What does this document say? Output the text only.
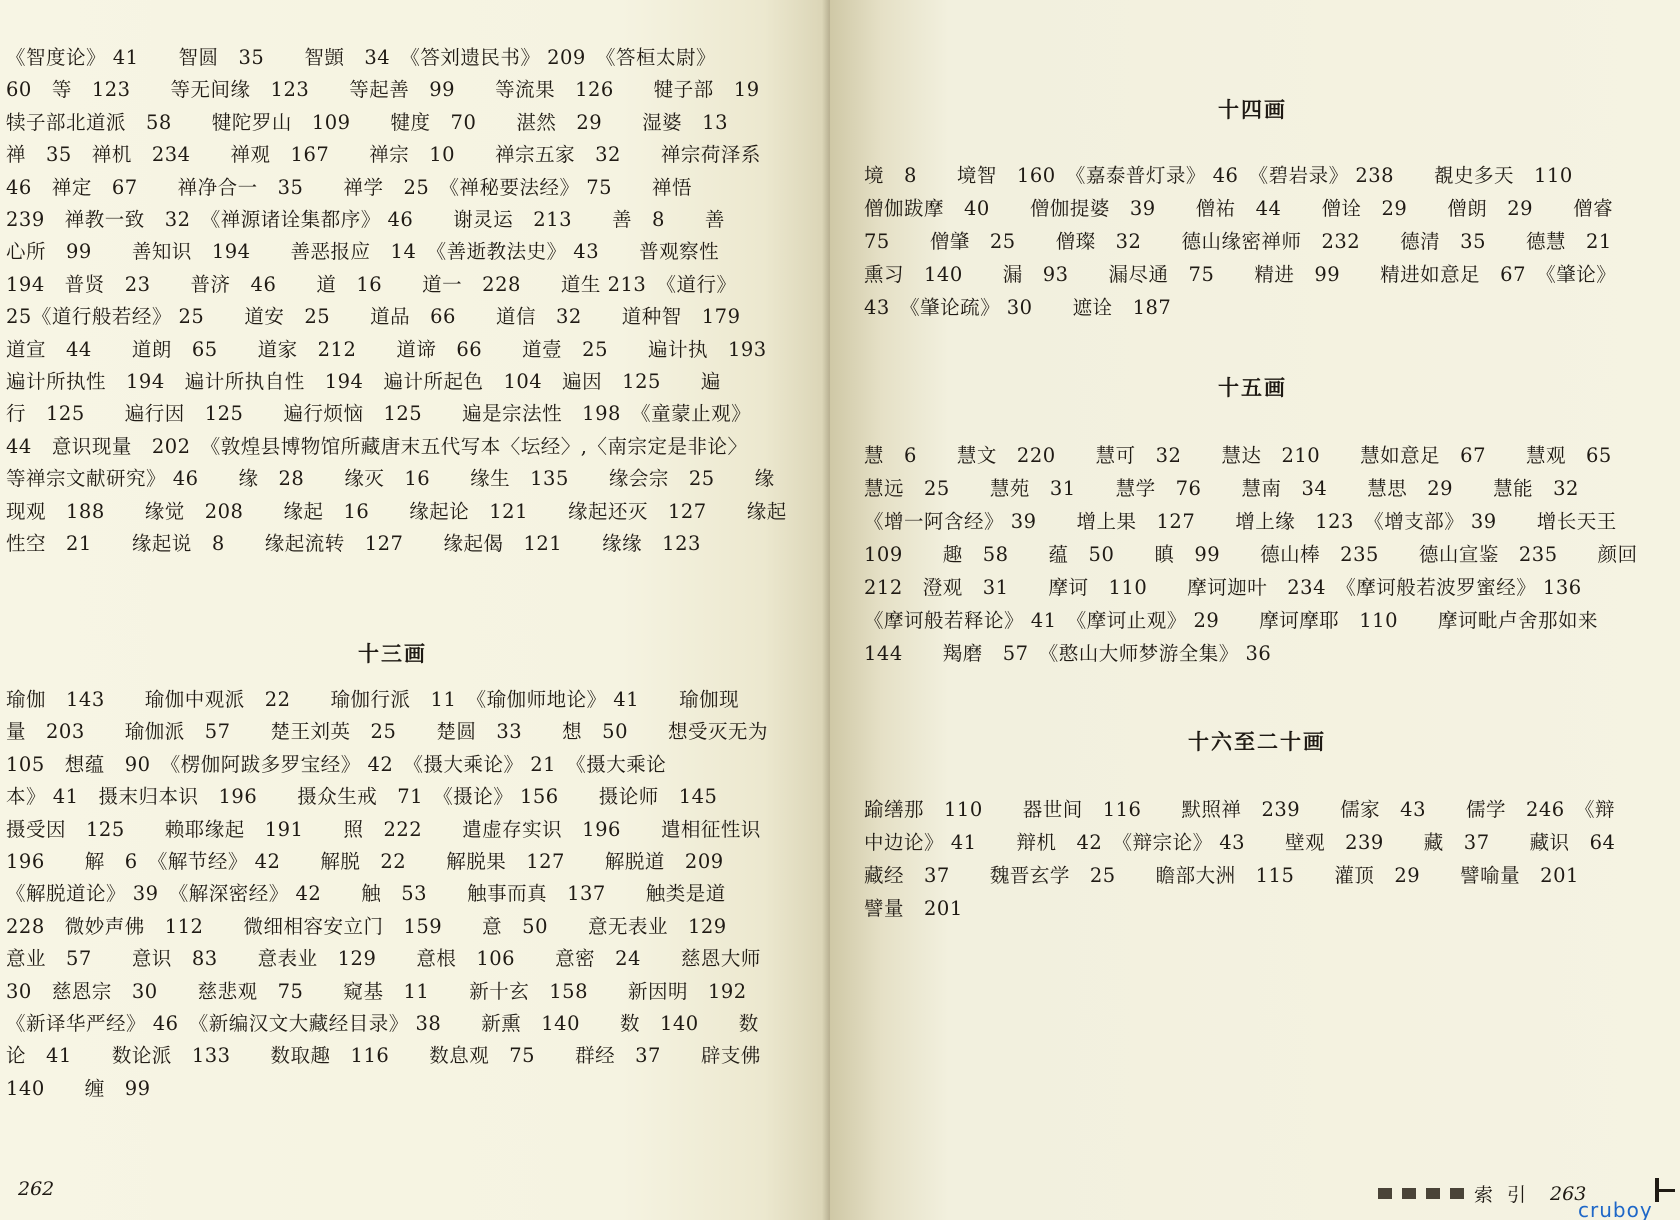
《智度论》 41　　智圆　35　　智顗　34　《答刘遗民书》 209　《答桓太尉》
60　等　123　　等无间缘　123　　等起善　99　　等流果　126　　犍子部　19
犊子部北道派　58　　犍陀罗山　109　　犍度　70　　湛然　29　　湿婆　13
禅　35　禅机　234　　禅观　167　　禅宗　10　　禅宗五家　32　　禅宗荷泽系
46　禅定　67　　禅净合一　35　　禅学　25　《禅秘要法经》 75　　禅悟
239　禅教一致　32　《禅源诸诠集都序》 46　　谢灵运　213　　善　8　　善
心所　99　　善知识　194　　善恶报应　14　《善逝教法史》 43　　普观察性
194　普贤　23　　普济　46　　道　16　　道一　228　　道生 213　《道行》
25《道行般若经》 25　　道安　25　　道品　66　　道信　32　　道种智　179
道宣　44　　道朗　65　　道家　212　　道谛　66　　道壹　25　　遍计执　193
遍计所执性　194　遍计所执自性　194　遍计所起色　104　遍因　125　　遍
行　125　　遍行因　125　　遍行烦恼　125　　遍是宗法性　198　《童蒙止观》
44　意识现量　202　《敦煌县博物馆所藏唐末五代写本〈坛经〉,〈南宗定是非论〉
等禅宗文献研究》 46　　缘　28　　缘灭　16　　缘生　135　　缘会宗　25　　缘
现观　188　　缘觉　208　　缘起　16　　缘起论　121　　缘起还灭　127　　缘起
性空　21　　缘起说　8　　缘起流转　127　　缘起偈　121　　缘缘　123
十三画
瑜伽　143　　瑜伽中观派　22　　瑜伽行派　11　《瑜伽师地论》 41　　瑜伽现
量　203　　瑜伽派　57　　楚王刘英　25　　楚圆　33　　想　50　　想受灭无为
105　想蕴　90　《楞伽阿跋多罗宝经》 42　《摄大乘论》 21　《摄大乘论
本》 41　摄末归本识　196　　摄众生戒　71　《摄论》 156　　摄论师　145
摄受因　125　　赖耶缘起　191　　照　222　　遣虚存实识　196　　遣相征性识
196　　解　6　《解节经》 42　　解脱　22　　解脱果　127　　解脱道　209
《解脱道论》 39　《解深密经》 42　　触　53　　触事而真　137　　触类是道
228　微妙声佛　112　　微细相容安立门　159　　意　50　　意无表业　129
意业　57　　意识　83　　意表业　129　　意根　106　　意密　24　　慈恩大师
30　慈恩宗　30　　慈悲观　75　　窥基　11　　新十玄　158　　新因明　192
《新译华严经》 46　《新编汉文大藏经目录》 38　　新熏　140　　数　140　　数
论　41　　数论派　133　　数取趣　116　　数息观　75　　群经　37　　辟支佛
140　　缠　99
262
十四画
境　8　　境智　160　《嘉泰普灯录》 46　《碧岩录》 238　　覩史多天　110
僧伽跋摩　40　　僧伽提婆　39　　僧祐　44　　僧诠　29　　僧朗　29　　僧睿
75　　僧肇　25　　僧璨　32　　德山缘密禅师　232　　德清　35　　德慧　21
熏习　140　　漏　93　　漏尽通　75　　精进　99　　精进如意足　67　《肇论》
43　《肇论疏》 30　　遮诠　187
十五画
慧　6　　慧文　220　　慧可　32　　慧达　210　　慧如意足　67　　慧观　65
慧远　25　　慧苑　31　　慧学　76　　慧南　34　　慧思　29　　慧能　32
《增一阿含经》 39　　增上果　127　　增上缘　123　《增支部》 39　　增长天王
109　　趣　58　　蕴　50　　瞋　99　　德山棒　235　　德山宣鉴　235　　颜回
212　澄观　31　　摩诃　110　　摩诃迦叶　234　《摩诃般若波罗蜜经》 136
《摩诃般若释论》 41　《摩诃止观》 29　　摩诃摩耶　110　　摩诃毗卢舍那如来
144　　羯磨　57　《憨山大师梦游全集》 36
十六至二十画
踰缮那　110　　器世间　116　　默照禅　239　　儒家　43　　儒学　246　《辩
中边论》 41　　辩机　42　《辩宗论》 43　　壁观　239　　藏　37　　藏识　64
藏经　37　　魏晋玄学　25　　瞻部大洲　115　　灌顶　29　　譬喻量　201
譬量　201
索引 263
cruboy
